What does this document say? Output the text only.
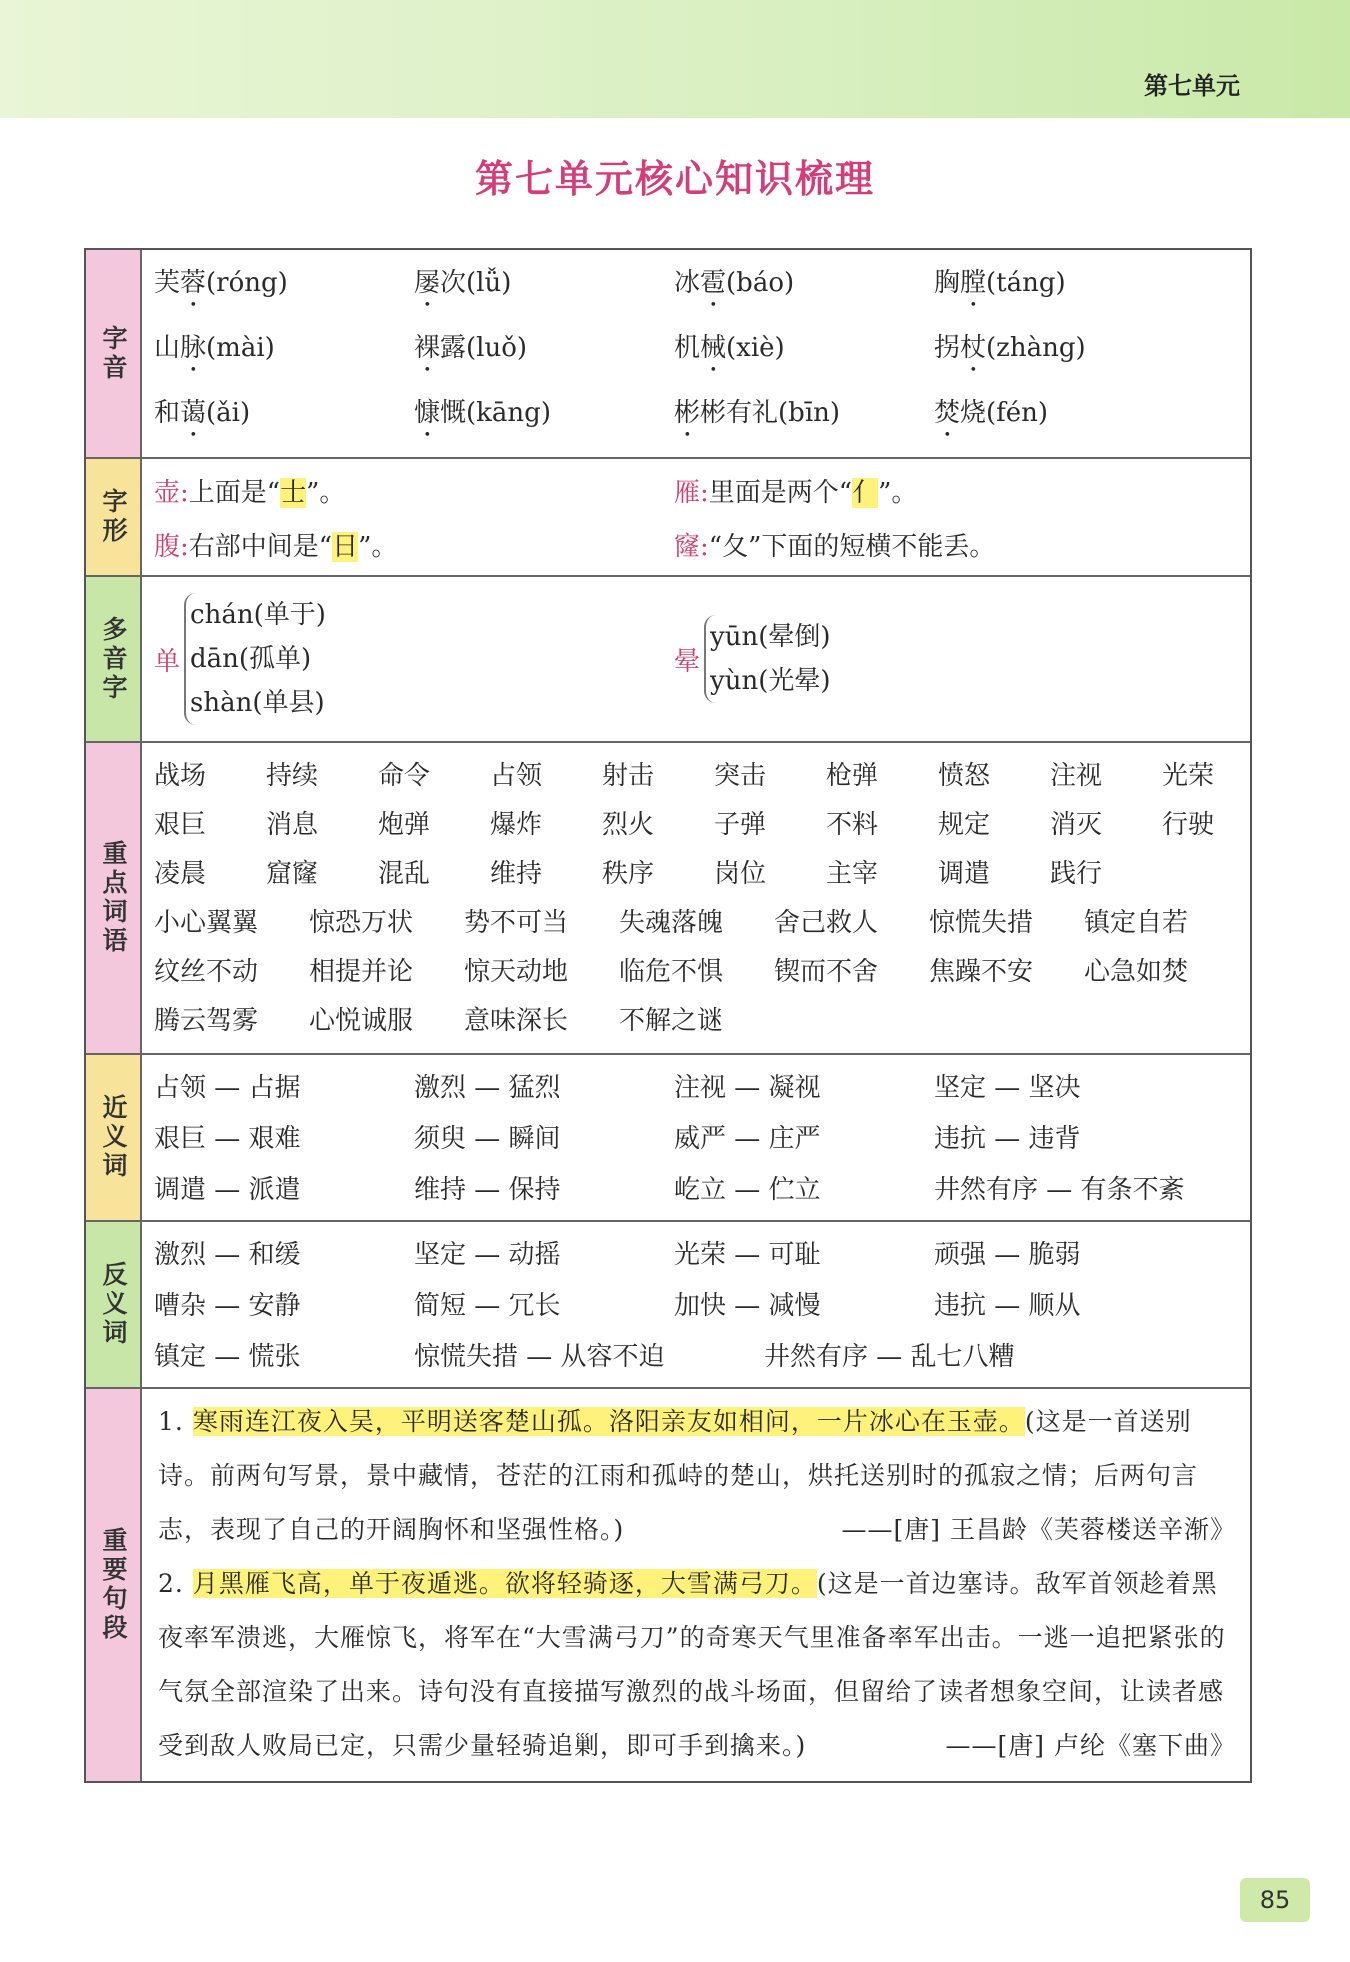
第七单元
第七单元核心知识梳理
字音
芙蓉(róng)	屡次(lǚ)	冰雹(báo)	胸膛(táng)
山脉(mài)	裸露(luǒ)	机械(xiè)	拐杖(zhàng)
和蔼(ǎi)	慷慨(kāng)	彬彬有礼(bīn)	焚烧(fén)
字形	壶:上面是“士”。	雁:里面是两个“亻”。
腹:右部中间是“日”。	窿:“夂”下面的短横不能丢。
多音字	单
chán(单于)
dān(孤单)
shàn(单县)
晕
yūn(晕倒)
yùn(光晕)
重点词语
战场	持续	命令	占领	射击	突击	枪弹	愤怒	注视	光荣
艰巨	消息	炮弹	爆炸	烈火	子弹	不料	规定	消灭	行驶
凌晨	窟窿	混乱	维持	秩序	岗位	主宰	调遣	践行
小心翼翼	惊恐万状	势不可当	失魂落魄	舍己救人	惊慌失措	镇定自若
纹丝不动	相提并论	惊天动地	临危不惧	锲而不舍	焦躁不安	心急如焚
腾云驾雾	心悦诚服	意味深长	不解之谜
近义词
占领 — 占据	激烈 — 猛烈	注视 — 凝视	坚定 — 坚决
艰巨 — 艰难	须臾 — 瞬间	威严 — 庄严	违抗 — 违背
调遣 — 派遣	维持 — 保持	屹立 — 伫立	井然有序 — 有条不紊
反义词
激烈 — 和缓	坚定 — 动摇	光荣 — 可耻	顽强 — 脆弱
嘈杂 — 安静	简短 — 冗长	加快 — 减慢	违抗 — 顺从
镇定 — 慌张	惊慌失措 — 从容不迫	井然有序 — 乱七八糟
重要句段
1. 寒雨连江夜入吴，平明送客楚山孤。洛阳亲友如相问，一片冰心在玉壶。(这是一首送别诗。前两句写景，景中藏情，苍茫的江雨和孤峙的楚山，烘托送别时的孤寂之情；后两句言志，表现了自己的开阔胸怀和坚强性格。)	——[唐] 王昌龄《芙蓉楼送辛渐》
2. 月黑雁飞高，单于夜遁逃。欲将轻骑逐，大雪满弓刀。(这是一首边塞诗。敌军首领趁着黑夜率军溃逃，大雁惊飞，将军在“大雪满弓刀”的奇寒天气里准备率军出击。一逃一追把紧张的气氛全部渲染了出来。诗句没有直接描写激烈的战斗场面，但留给了读者想象空间，让读者感受到敌人败局已定，只需少量轻骑追剿，即可手到擒来。)	——[唐] 卢纶《塞下曲》
85
